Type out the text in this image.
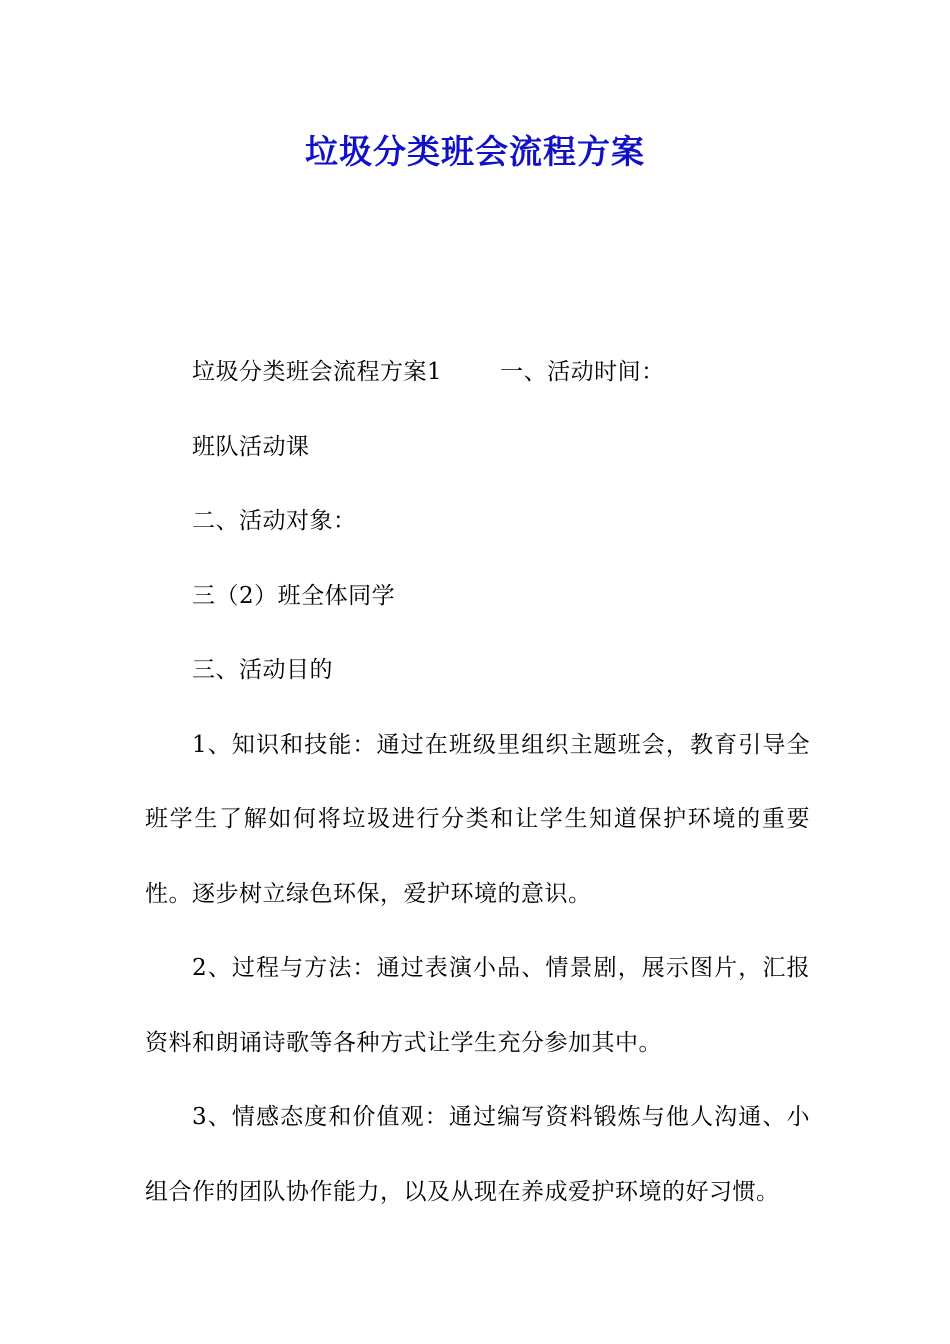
垃圾分类班会流程方案

垃圾分类班会流程方案1	一、活动时间：

班队活动课

二、活动对象：

三（2）班全体同学

三、活动目的

1、知识和技能：通过在班级里组织主题班会，教育引导全班学生了解如何将垃圾进行分类和让学生知道保护环境的重要性。逐步树立绿色环保，爱护环境的意识。

2、过程与方法：通过表演小品、情景剧，展示图片，汇报资料和朗诵诗歌等各种方式让学生充分参加其中。

3、情感态度和价值观：通过编写资料锻炼与他人沟通、小组合作的团队协作能力，以及从现在养成爱护环境的好习惯。
